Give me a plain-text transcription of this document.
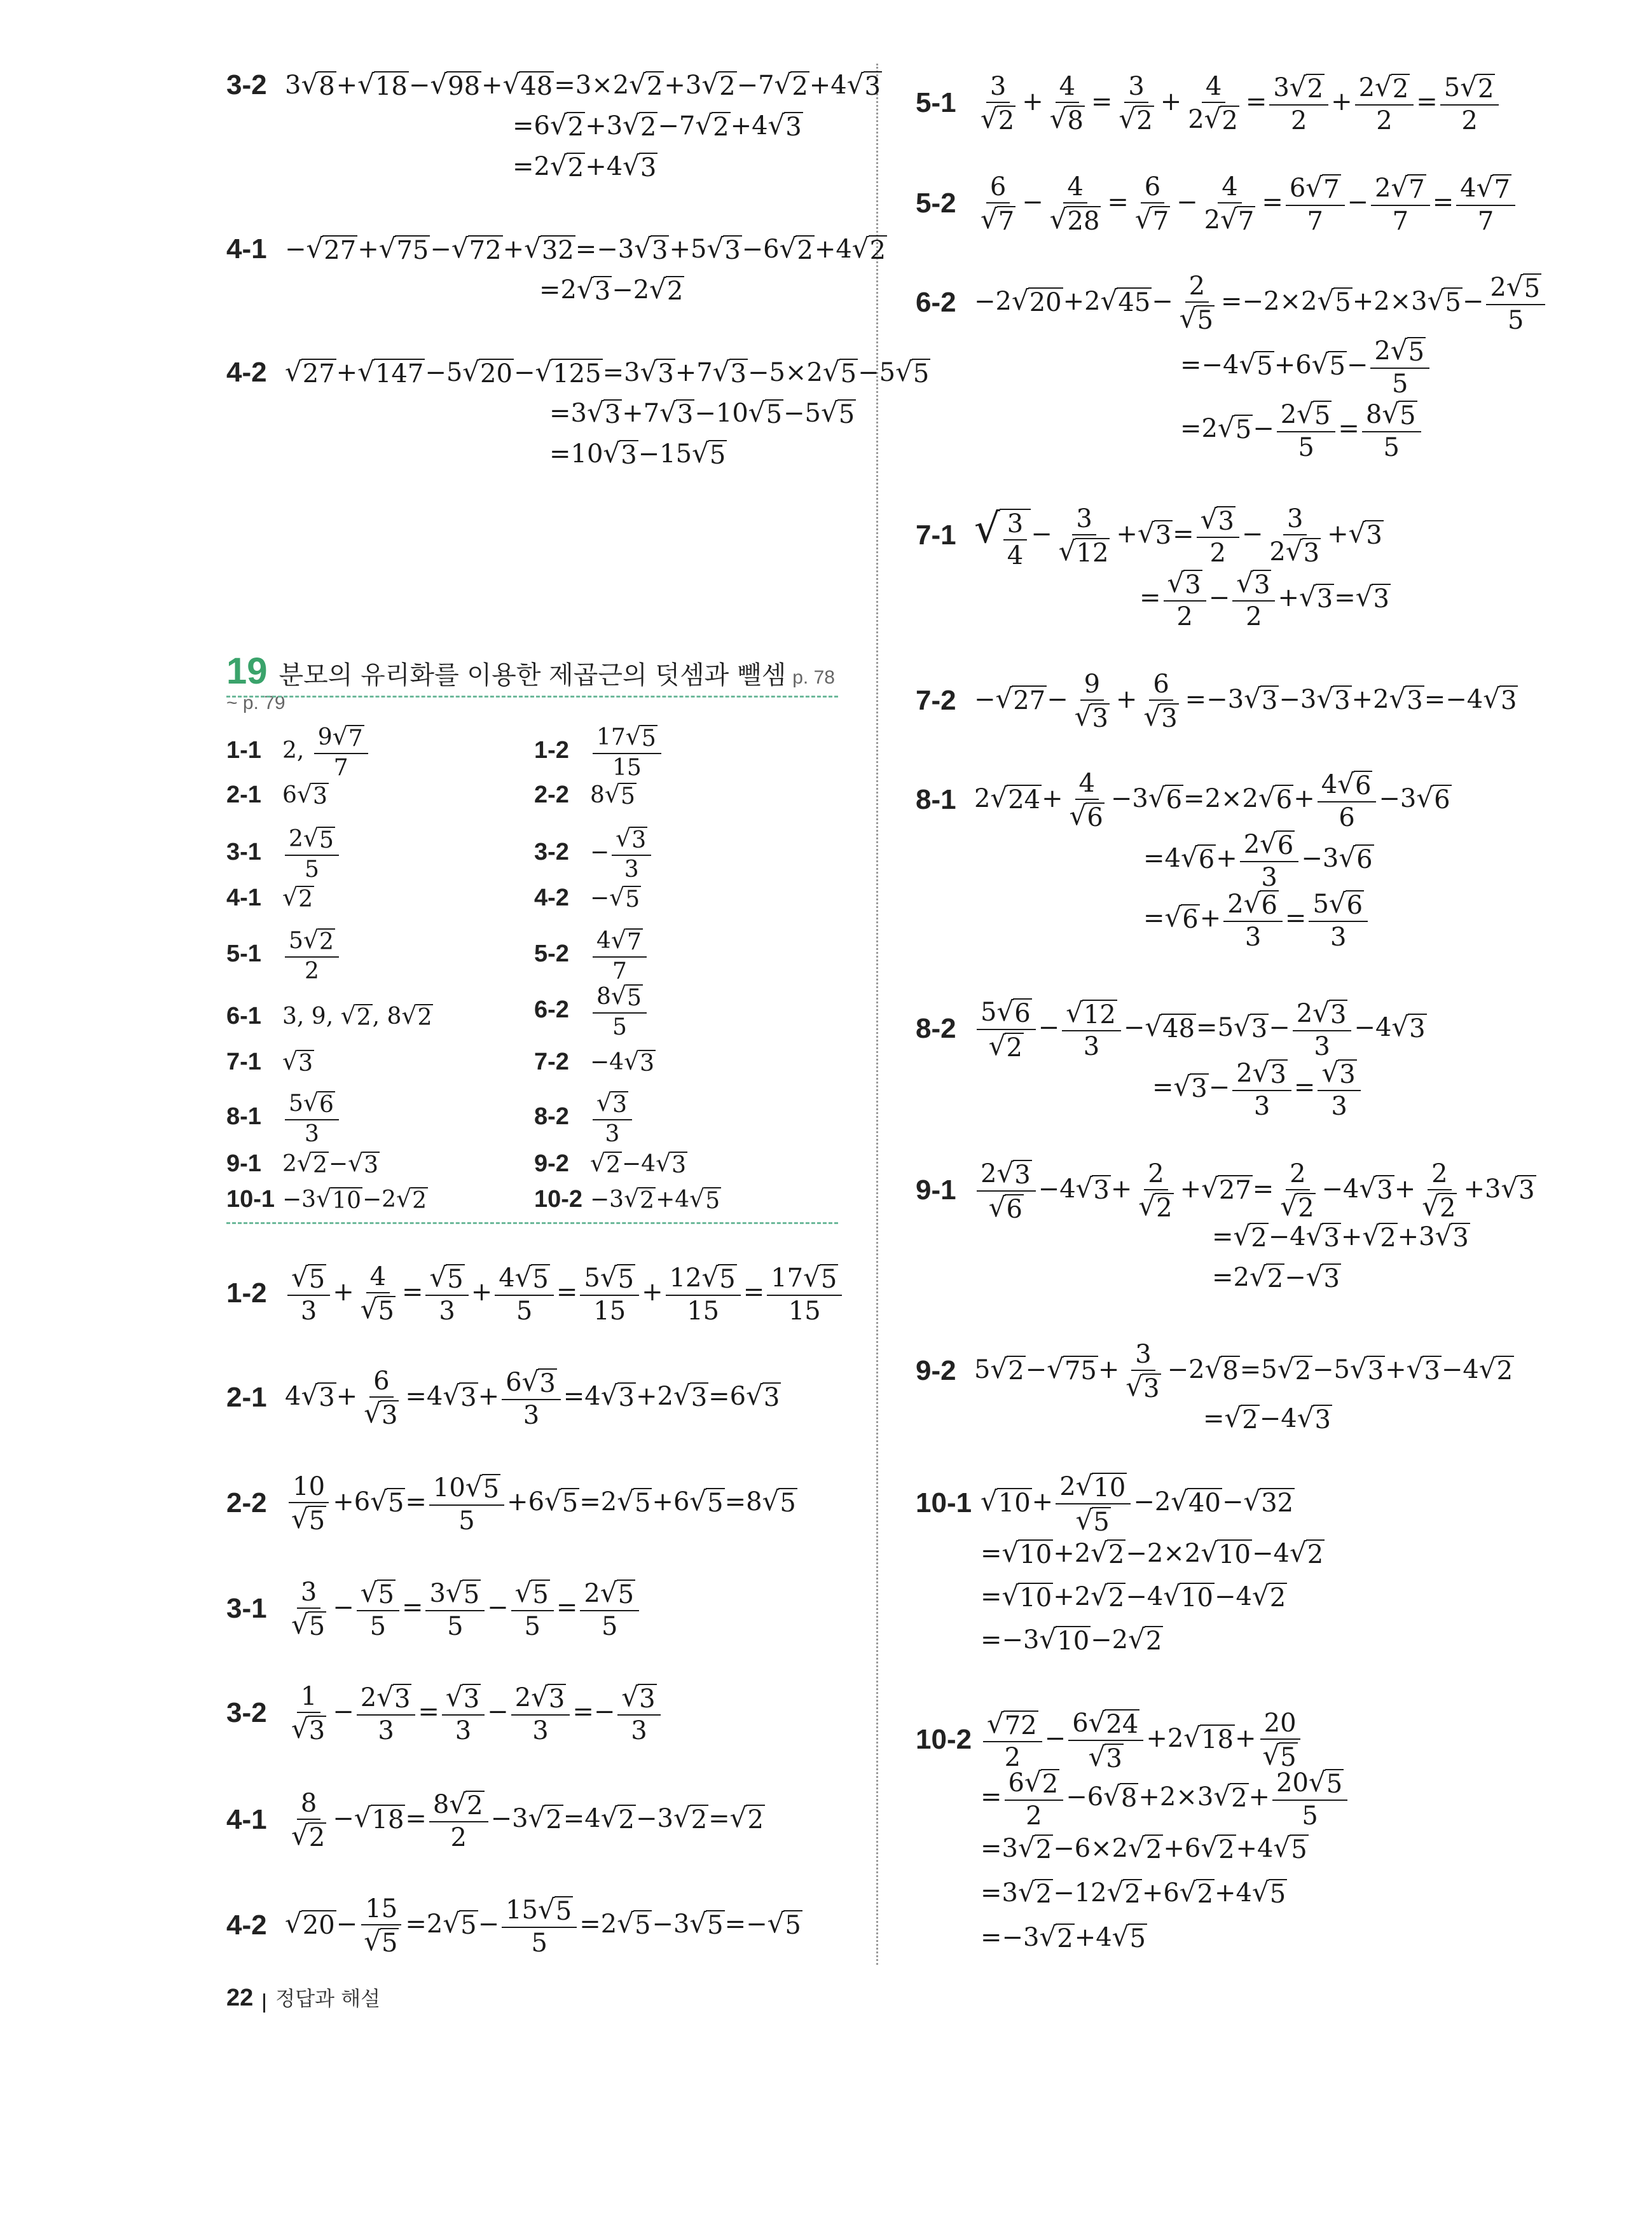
3-2 3 √ 8 + √ 18 − √ 98 + √ 48 =3×2 √ 2 +3 √ 2 −7 √ 2 +4 √ 3
=6 √ 2 +3 √ 2 −7 √ 2 +4 √ 3
=2 √ 2 +4 √ 3
4-1 − √ 27 + √ 75 − √ 72 + √ 32 =−3 √ 3 +5 √ 3 −6 √ 2 +4 √ 2
=2 √ 3 −2 √ 2
4-2 √ 27 + √ 147 −5 √ 20 − √ 125 =3 √ 3 +7 √ 3 −5×2 √ 5 −5 √ 5
=3 √ 3 +7 √ 3 −10 √ 5 −5 √ 5
=10 √ 3 −15 √ 5
19 분모의 유리화를 이용한 제곱근의 덧셈과 뺄셈 p. 78 ~ p. 79
1-1 2, $\frac{9 √ 7}{7}$	$1-2 \frac{17 √ 5}{15}$
2-1 6 √ 3	2-2 8 √ 5
$3-1 \frac{2 √ 5}{5}$	$3-2 - \frac{√ 3}{3}$
4-1 √ 2	4-2 − √ 5
$5-1 \frac{5 √ 2}{2}$	$5-2 \frac{4 √ 7}{7}$
6-1 3, 9, √ 2 , 8 √ 2	$6-2 \frac{8 √ 5}{5}$
7-1 √ 3	7-2 −4 √ 3
$8-1 \frac{5 √ 6}{3}$	$8-2 \frac{√ 3}{3}$
9-1 2 √ 2 − √ 3	9-2 √ 2 −4 √ 3
10-1 −3 √ 10 −2 √ 2	10-2 −3 √ 2 +4 √ 5
$1-2 \frac{√ 5}{3} + \frac{4}{√ 5} = \frac{√ 5}{3} + \frac{4 √ 5}{5} = \frac{5 √ 5}{15} + \frac{12 √ 5}{15} = \frac{17 √ 5}{15}$
2-1 4 √ $3 + \frac{6}{√ 3} =4$ √ $3 + \frac{6 √ 3}{3} =4$ √ 3 +2 √ 3 =6 √ 3
$2-2 \frac{10}{√ 5} +6$ √ $5 = \frac{10 √ 5}{5} +6$ √ 5 =2 √ 5 +6 √ 5 =8 √ 5
$3-1 \frac{3}{√ 5} - \frac{√ 5}{5} = \frac{3 √ 5}{5} - \frac{√ 5}{5} = \frac{2 √ 5}{5}$
$3-2 \frac{1}{√ 3} - \frac{2 √ 3}{3} = \frac{√ 3}{3} - \frac{2 √ 3}{3} =- \frac{√ 3}{3}$
$4-1 \frac{8}{√ 2}$ − √ $18 = \frac{8 √ 2}{2} -3$ √ 2 =4 √ 2 −3 √ 2 = √ 2
4-2 √ $20 - \frac{15}{√ 5} =2$ √ $5 - \frac{15 √ 5}{5} =2$ √ 5 −3 √ 5 =− √ 5
$5-1 \frac{3}{√ 2} + \frac{4}{√ 8} = \frac{3}{√ 2} + \frac{4}{2 √ 2} = \frac{3 √ 2}{2} + \frac{2 √ 2}{2} = \frac{5 √ 2}{2}$
$5-2 \frac{6}{√ 7} - \frac{4}{√ 28} = \frac{6}{√ 7} - \frac{4}{2 √ 7} = \frac{6 √ 7}{7} - \frac{2 √ 7}{7} = \frac{4 √ 7}{7}$
6-2 −2 √ 20 +2 √ $45 - \frac{2}{√ 5} =-2\times 2$ √ 5 +2×3 √ $5 - \frac{2 √ 5}{5}$
=−4 √ 5 +6 √ $5 - \frac{2 √ 5}{5}$
=2 √ $5 - \frac{2 √ 5}{5} = \frac{8 √ 5}{5}$
7-1 √ $\frac{3}{4} - \frac{3}{√ 12}$ + √ $3 = \frac{√ 3}{2} - \frac{3}{2 √ 3}$ + √ 3
= $\frac{√ 3}{2} - \frac{√ 3}{2}$ + √ 3 = √ 3
7-2 − √ $27 - \frac{9}{√ 3} + \frac{6}{√ 3} =-3$ √ 3 −3 √ 3 +2 √ 3 =−4 √ 3
8-1 2 √ $24 + \frac{4}{√ 6} -3$ √ 6 =2×2 √ $6 + \frac{4 √ 6}{6} -3$ √ 6
=4 √ $6 + \frac{2 √ 6}{3} -3$ √ 6
= √ $6 + \frac{2 √ 6}{3} = \frac{5 √ 6}{3}$
$8-2 \frac{5 √ 6}{√ 2} - \frac{√ 12}{3}$ − √ 48 =5 √ $3 - \frac{2 √ 3}{3} -4$ √ 3
= √ $3 - \frac{2 √ 3}{3} = \frac{√ 3}{3}$
$9-1 \frac{2 √ 3}{√ 6} -4$ √ $3 + \frac{2}{√ 2}$ + √ $27 = \frac{2}{√ 2} -4$ √ $3 + \frac{2}{√ 2} +3$ √ 3
= √ 2 −4 √ 3 + √ 2 +3 √ 3
=2 √ 2 − √ 3
9-2 5 √ 2 − √ $75 + \frac{3}{√ 3} -2$ √ 8 =5 √ 2 −5 √ 3 + √ 3 −4 √ 2
= √ 2 −4 √ 3
10-1 √ $10 + \frac{2 √ 10}{√ 5} -2$ √ 40 − √ 32
= √ 10 +2 √ 2 −2×2 √ 10 −4 √ 2
= √ 10 +2 √ 2 −4 √ 10 −4 √ 2
=−3 √ 10 −2 √ 2
$10-2 \frac{√ 72}{2} - \frac{6 √ 24}{√ 3} +2$ √ $18 + \frac{20}{√ 5}$
= $\frac{6 √ 2}{2} -6$ √ 8 +2×3 √ $2 + \frac{20 √ 5}{5}$
=3 √ 2 −6×2 √ 2 +6 √ 2 +4 √ 5
=3 √ 2 −12 √ 2 +6 √ 2 +4 √ 5
=−3 √ 2 +4 √ 5
22 정답과 해설
